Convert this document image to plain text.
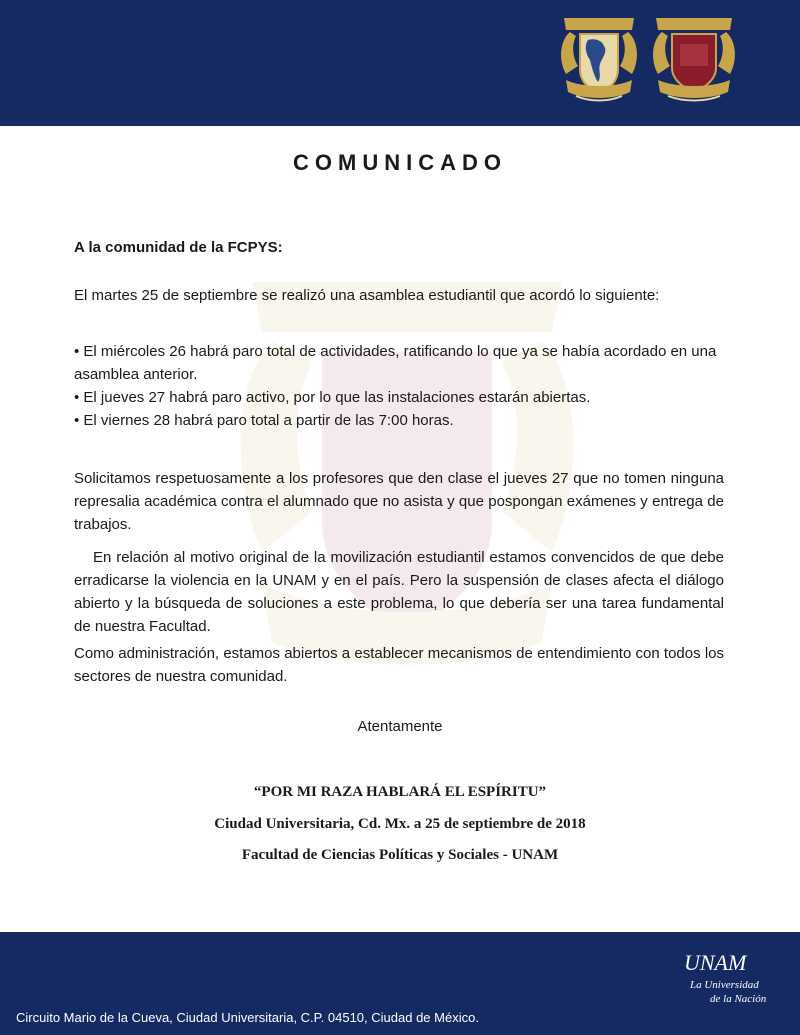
COMUNICADO

A la comunidad de la FCPYS:

El martes 25 de septiembre se realizó una asamblea estudiantil que acordó lo siguiente:

• El miércoles 26 habrá paro total de actividades, ratificando lo que ya se había acordado en una asamblea anterior.
• El jueves 27 habrá paro activo, por lo que las instalaciones estarán abiertas.
• El viernes 28 habrá paro total a partir de las 7:00 horas.

Solicitamos respetuosamente a los profesores que den clase el jueves 27 que no tomen ninguna represalia académica contra el alumnado que no asista y que pospongan exámenes y entrega de trabajos.

En relación al motivo original de la movilización estudiantil estamos convencidos de que debe erradicarse la violencia en la UNAM y en el país. Pero la suspensión de clases afecta el diálogo abierto y la búsqueda de soluciones a este problema, lo que debería ser una tarea fundamental de nuestra Facultad.

Como administración, estamos abiertos a establecer mecanismos de entendimiento con todos los sectores de nuestra comunidad.

Atentamente

“POR MI RAZA HABLARÁ EL ESPÍRITU”

Ciudad Universitaria, Cd. Mx. a 25 de septiembre de 2018

Facultad de Ciencias Políticas y Sociales - UNAM

UNAM
La Universidad
de la Nación

Circuito Mario de la Cueva, Ciudad Universitaria, C.P. 04510, Ciudad de México.
